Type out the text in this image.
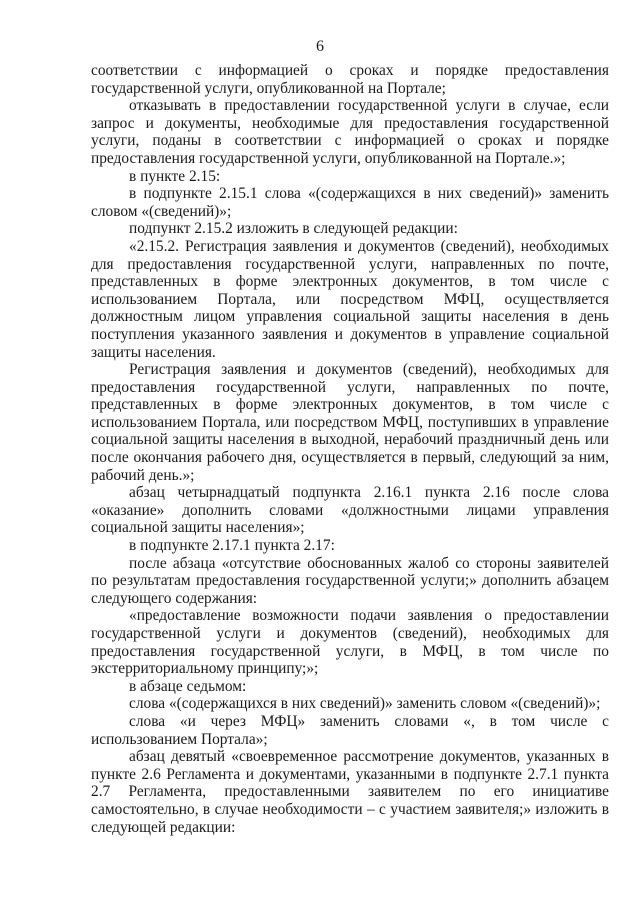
6

соответствии с информацией о сроках и порядке предоставления государственной услуги, опубликованной на Портале;

отказывать в предоставлении государственной услуги в случае, если запрос и документы, необходимые для предоставления государственной услуги, поданы в соответствии с информацией о сроках и порядке предоставления государственной услуги, опубликованной на Портале.»;

в пункте 2.15:

в подпункте 2.15.1 слова «(содержащихся в них сведений)» заменить словом «(сведений)»;

подпункт 2.15.2 изложить в следующей редакции:

«2.15.2. Регистрация заявления и документов (сведений), необходимых для предоставления государственной услуги, направленных по почте, представленных в форме электронных документов, в том числе с использованием Портала, или посредством МФЦ, осуществляется должностным лицом управления социальной защиты населения в день поступления указанного заявления и документов в управление социальной защиты населения.

Регистрация заявления и документов (сведений), необходимых для предоставления государственной услуги, направленных по почте, представленных в форме электронных документов, в том числе с использованием Портала, или посредством МФЦ, поступивших в управление социальной защиты населения в выходной, нерабочий праздничный день или после окончания рабочего дня, осуществляется в первый, следующий за ним, рабочий день.»;

абзац четырнадцатый подпункта 2.16.1 пункта 2.16 после слова «оказание» дополнить словами «должностными лицами управления социальной защиты населения»;

в подпункте 2.17.1 пункта 2.17:

после абзаца «отсутствие обоснованных жалоб со стороны заявителей по результатам предоставления государственной услуги;» дополнить абзацем следующего содержания:

«предоставление возможности подачи заявления о предоставлении государственной услуги и документов (сведений), необходимых для предоставления государственной услуги, в МФЦ, в том числе по экстерриториальному принципу;»;

в абзаце седьмом:

слова «(содержащихся в них сведений)» заменить словом «(сведений)»;

слова «и через МФЦ» заменить словами «, в том числе с использованием Портала»;

абзац девятый «своевременное рассмотрение документов, указанных в пункте 2.6 Регламента и документами, указанными в подпункте 2.7.1 пункта 2.7 Регламента, предоставленными заявителем по его инициативе самостоятельно, в случае необходимости – с участием заявителя;» изложить в следующей редакции:
